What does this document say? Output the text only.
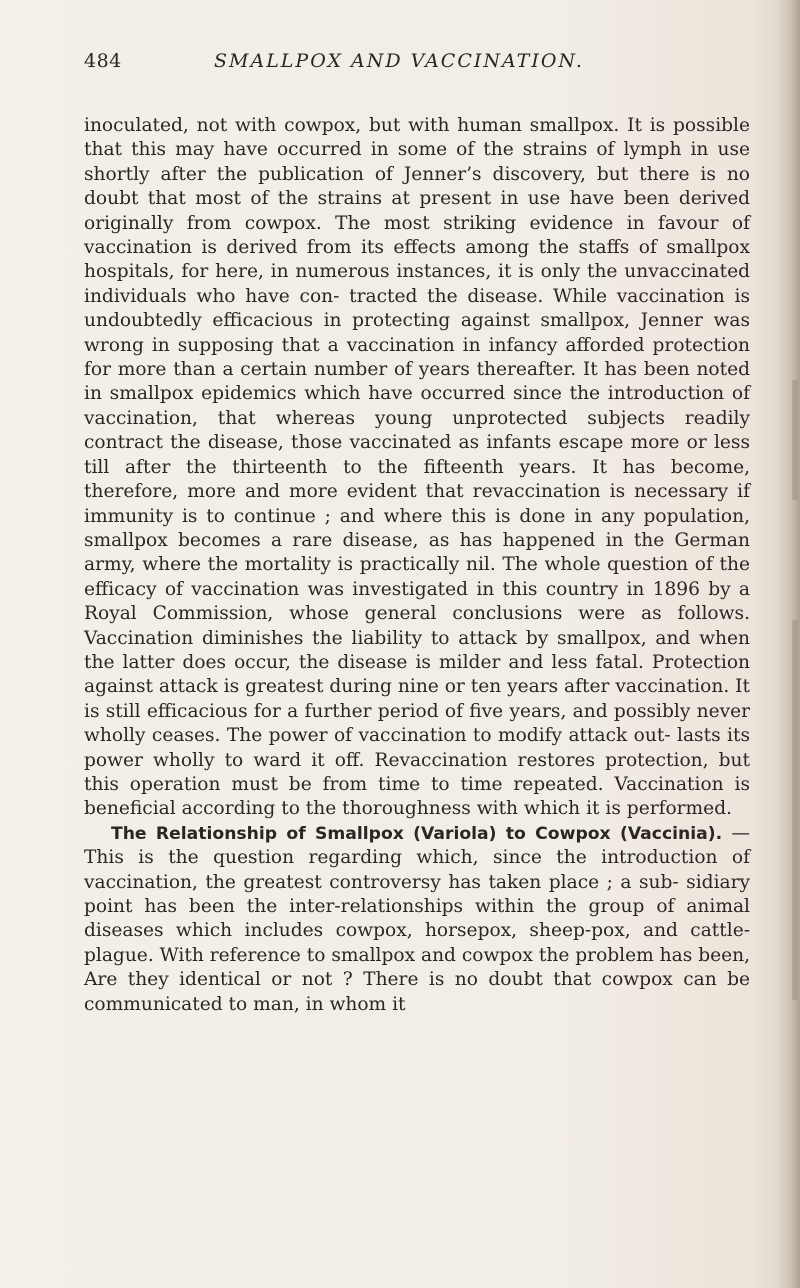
484	SMALLPOX AND VACCINATION.

inoculated, not with cowpox, but with human smallpox. It is possible that this may have occurred in some of the strains of lymph in use shortly after the publication of Jenner’s discovery, but there is no doubt that most of the strains at present in use have been derived originally from cowpox. The most striking evidence in favour of vaccination is derived from its effects among the staffs of smallpox hospitals, for here, in numerous instances, it is only the unvaccinated individuals who have con- tracted the disease. While vaccination is undoubtedly efficacious in protecting against smallpox, Jenner was wrong in supposing that a vaccination in infancy afforded protection for more than a certain number of years thereafter. It has been noted in smallpox epidemics which have occurred since the introduction of vaccination, that whereas young unprotected subjects readily contract the disease, those vaccinated as infants escape more or less till after the thirteenth to the fifteenth years. It has become, therefore, more and more evident that revaccination is necessary if immunity is to continue ; and where this is done in any population, smallpox becomes a rare disease, as has happened in the German army, where the mortality is practically nil. The whole question of the efficacy of vaccination was investigated in this country in 1896 by a Royal Commission, whose general conclusions were as follows. Vaccination diminishes the liability to attack by smallpox, and when the latter does occur, the disease is milder and less fatal. Protection against attack is greatest during nine or ten years after vaccination. It is still efficacious for a further period of five years, and possibly never wholly ceases. The power of vaccination to modify attack out- lasts its power wholly to ward it off. Revaccination restores protection, but this operation must be from time to time repeated. Vaccination is beneficial according to the thoroughness with which it is performed.

The Relationship of Smallpox (Variola) to Cowpox (Vaccinia). —This is the question regarding which, since the introduction of vaccination, the greatest controversy has taken place ; a sub- sidiary point has been the inter-relationships within the group of animal diseases which includes cowpox, horsepox, sheep-pox, and cattle-plague. With reference to smallpox and cowpox the problem has been, Are they identical or not ? There is no doubt that cowpox can be communicated to man, in whom it
